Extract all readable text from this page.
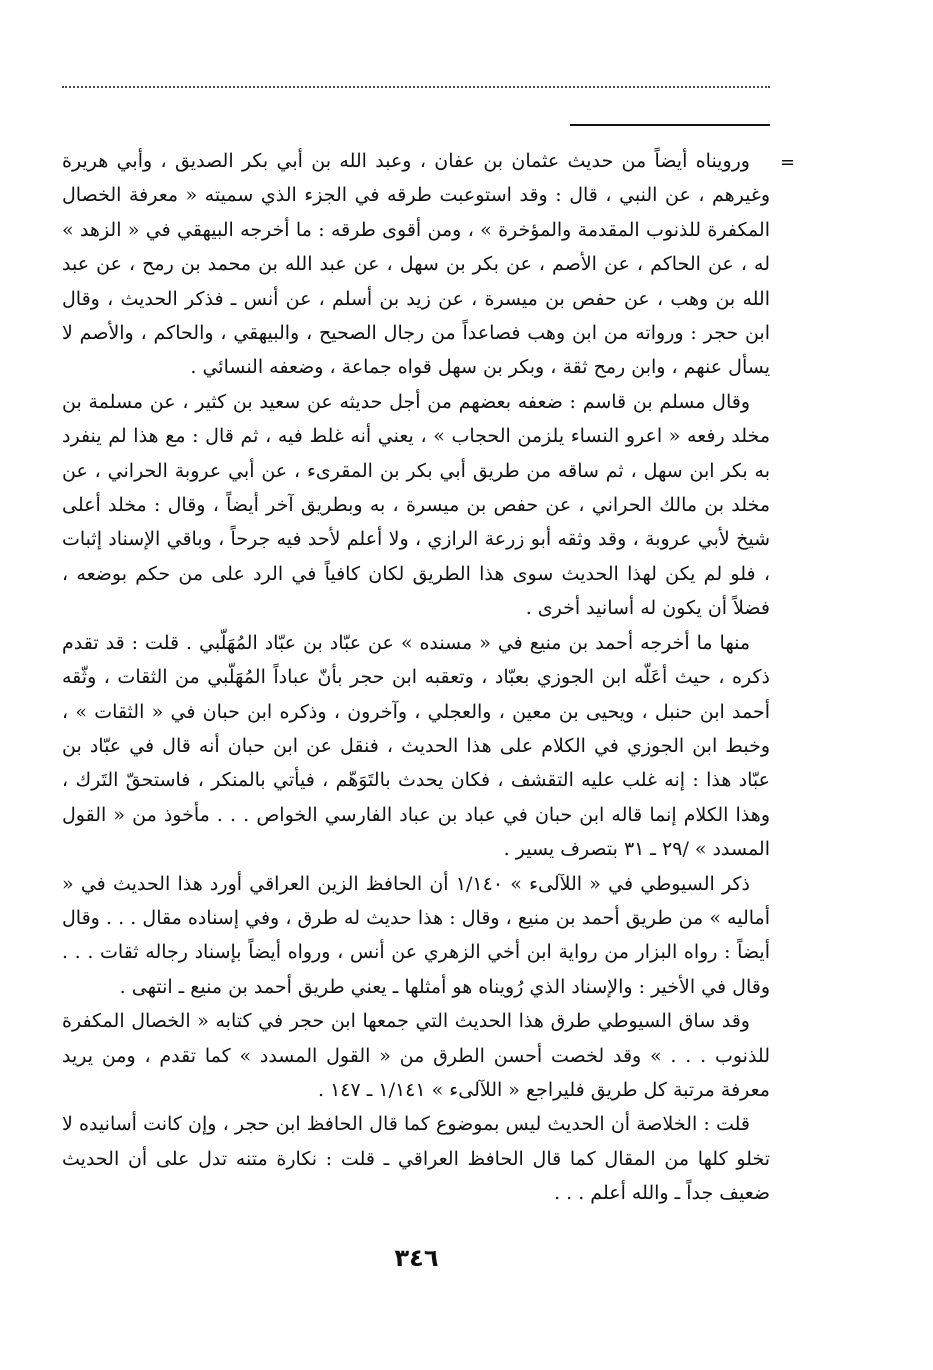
=

ورويناه أيضاً من حديث عثمان بن عفان ، وعبد الله بن أبي بكر الصديق ، وأبي هريرة وغيرهم ، عن النبي ، قال : وقد استوعبت طرقه في الجزء الذي سميته « معرفة الخصال المكفرة للذنوب المقدمة والمؤخرة » ، ومن أقوى طرقه : ما أخرجه البيهقي في « الزهد » له ، عن الحاكم ، عن الأصم ، عن بكر بن سهل ، عن عبد الله بن محمد بن رمح ، عن عبد الله بن وهب ، عن حفص بن ميسرة ، عن زيد بن أسلم ، عن أنس ـ فذكر الحديث ، وقال ابن حجر : ورواته من ابن وهب فصاعداً من رجال الصحيح ، والبيهقي ، والحاكم ، والأصم لا يسأل عنهم ، وابن رمح ثقة ، وبكر بن سهل قواه جماعة ، وضعفه النسائي .

وقال مسلم بن قاسم : ضعفه بعضهم من أجل حديثه عن سعيد بن كثير ، عن مسلمة بن مخلد رفعه « اعرو النساء يلزمن الحجاب » ، يعني أنه غلط فيه ، ثم قال : مع هذا لم ينفرد به بكر ابن سهل ، ثم ساقه من طريق أبي بكر بن المقرىء ، عن أبي عروبة الحراني ، عن مخلد بن مالك الحراني ، عن حفص بن ميسرة ، به وبطريق آخر أيضاً ، وقال : مخلد أعلى شيخ لأبي عروبة ، وقد وثقه أبو زرعة الرازي ، ولا أعلم لأحد فيه جرحاً ، وباقي الإسناد إثبات ، فلو لم يكن لهذا الحديث سوى هذا الطريق لكان كافياً في الرد على من حكم بوضعه ، فضلاً أن يكون له أسانيد أخرى .

منها ما أخرجه أحمد بن منيع في « مسنده » عن عبّاد بن عبّاد المُهَلّبي . قلت : قد تقدم ذكره ، حيث أعَلّه ابن الجوزي بعبّاد ، وتعقبه ابن حجر بأنّ عباداً المُهَلّبي من الثقات ، وثّقه أحمد ابن حنبل ، ويحيى بن معين ، والعجلي ، وآخرون ، وذكره ابن حبان في « الثقات » ، وخبط ابن الجوزي في الكلام على هذا الحديث ، فنقل عن ابن حبان أنه قال في عبّاد بن عبّاد هذا : إنه غلب عليه التقشف ، فكان يحدث بالتَوَهّم ، فيأتي بالمنكر ، فاستحقّ التَرك ، وهذا الكلام إنما قاله ابن حبان في عباد بن عباد الفارسي الخواص . . . مأخوذ من « القول المسدد » /٢٩ ـ ٣١ بتصرف يسير .

ذكر السيوطي في « اللآلىء » ١/١٤٠ أن الحافظ الزين العراقي أورد هذا الحديث في « أماليه » من طريق أحمد بن منيع ، وقال : هذا حديث له طرق ، وفي إسناده مقال . . . وقال أيضاً : رواه البزار من رواية ابن أخي الزهري عن أنس ، ورواه أيضاً بإسناد رجاله ثقات . . . وقال في الأخير : والإسناد الذي رُويناه هو أمثلها ـ يعني طريق أحمد بن منيع ـ انتهى .

وقد ساق السيوطي طرق هذا الحديث التي جمعها ابن حجر في كتابه « الخصال المكفرة للذنوب . . . » وقد لخصت أحسن الطرق من « القول المسدد » كما تقدم ، ومن يريد معرفة مرتبة كل طريق فليراجع « اللآلىء » ١/١٤١ ـ ١٤٧ .

قلت : الخلاصة أن الحديث ليس بموضوع كما قال الحافظ ابن حجر ، وإن كانت أسانيده لا تخلو كلها من المقال كما قال الحافظ العراقي ـ قلت : نكارة متنه تدل على أن الحديث ضعيف جداً ـ والله أعلم . . .

٣٤٦
